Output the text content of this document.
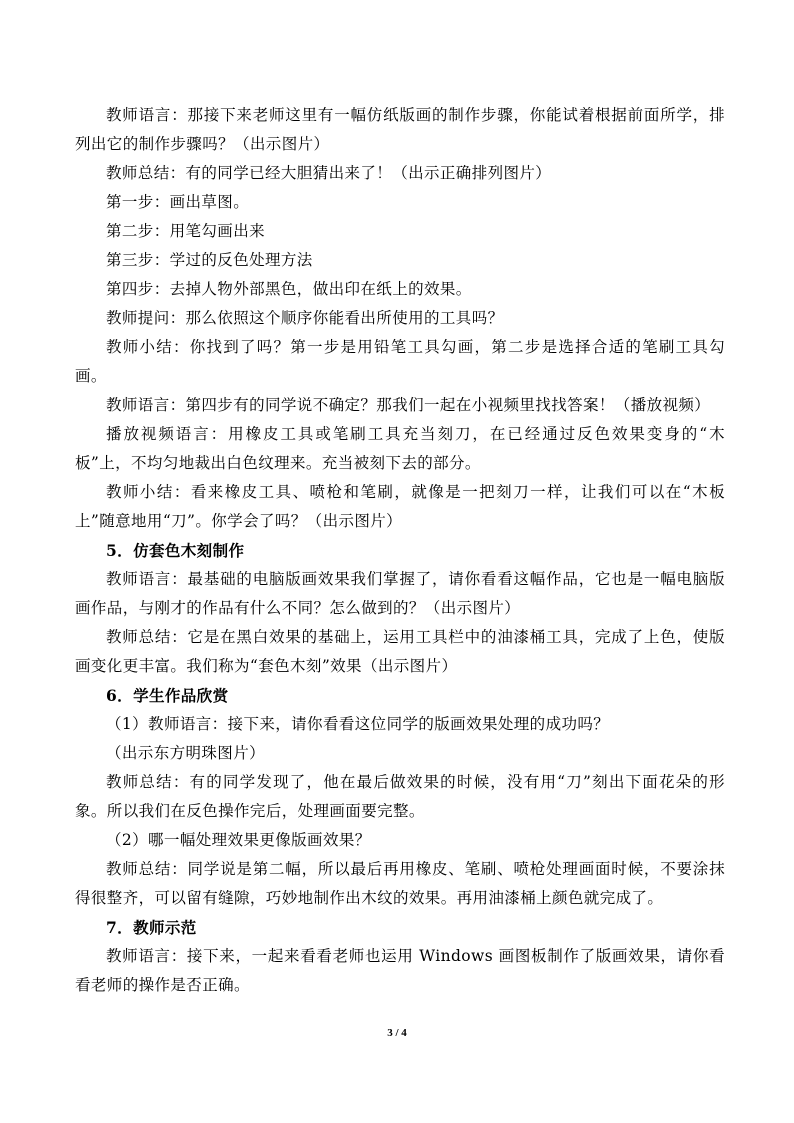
教师语言：那接下来老师这里有一幅仿纸版画的制作步骤，你能试着根据前面所学，排列出它的制作步骤吗？（出示图片）

教师总结：有的同学已经大胆猜出来了！（出示正确排列图片）

第一步：画出草图。

第二步：用笔勾画出来

第三步：学过的反色处理方法

第四步：去掉人物外部黑色，做出印在纸上的效果。

教师提问：那么依照这个顺序你能看出所使用的工具吗？

教师小结：你找到了吗？第一步是用铅笔工具勾画，第二步是选择合适的笔刷工具勾画。

教师语言：第四步有的同学说不确定？那我们一起在小视频里找找答案！（播放视频）

播放视频语言：用橡皮工具或笔刷工具充当刻刀，在已经通过反色效果变身的“木板”上，不均匀地裁出白色纹理来。充当被刻下去的部分。

教师小结：看来橡皮工具、喷枪和笔刷，就像是一把刻刀一样，让我们可以在“木板上”随意地用“刀”。你学会了吗？（出示图片）

5．仿套色木刻制作

教师语言：最基础的电脑版画效果我们掌握了，请你看看这幅作品，它也是一幅电脑版画作品，与刚才的作品有什么不同？怎么做到的？（出示图片）

教师总结：它是在黑白效果的基础上，运用工具栏中的油漆桶工具，完成了上色，使版画变化更丰富。我们称为“套色木刻”效果（出示图片）

6．学生作品欣赏

（1）教师语言：接下来，请你看看这位同学的版画效果处理的成功吗？

（出示东方明珠图片）

教师总结：有的同学发现了，他在最后做效果的时候，没有用“刀”刻出下面花朵的形象。所以我们在反色操作完后，处理画面要完整。

（2）哪一幅处理效果更像版画效果？

教师总结：同学说是第二幅，所以最后再用橡皮、笔刷、喷枪处理画面时候，不要涂抹得很整齐，可以留有缝隙，巧妙地制作出木纹的效果。再用油漆桶上颜色就完成了。

7．教师示范

教师语言：接下来，一起来看看老师也运用 Windows 画图板制作了版画效果，请你看看老师的操作是否正确。

3 / 4
